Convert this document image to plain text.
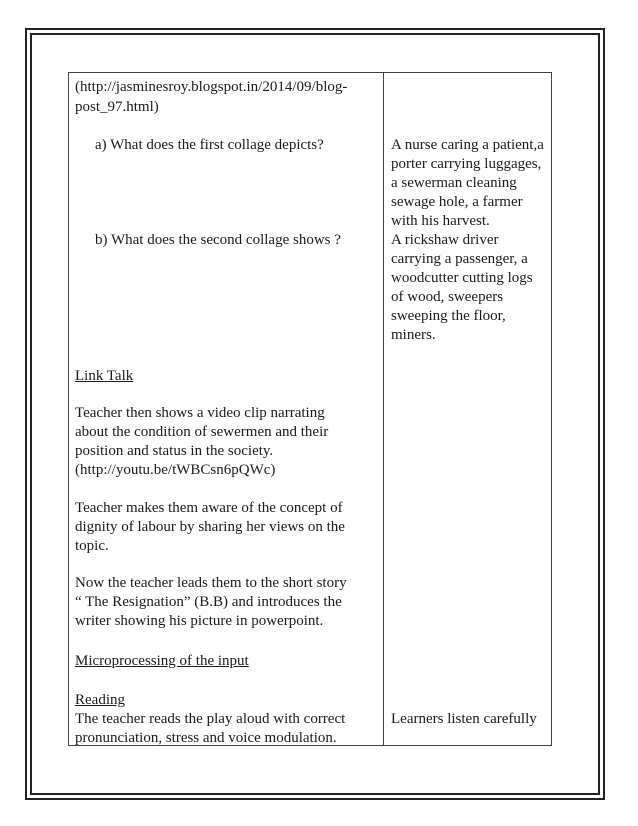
(http://jasminesroy.blogspot.in/2014/09/blog-
post_97.html)
a) What does the first collage depicts?
b) What does the second collage shows ?
Link Talk
Teacher then shows a video clip narrating
about the condition of sewermen and their
position and status in the society.
(http://youtu.be/tWBCsn6pQWc)
Teacher makes them aware of the concept of
dignity of labour by sharing her views on the
topic.
Now the teacher leads them to the short story
“ The Resignation” (B.B) and introduces the
writer showing his picture in powerpoint.
Microprocessing of the input
Reading
The teacher reads the play aloud with correct
pronunciation, stress and voice modulation.
A nurse caring a patient,a
porter carrying luggages,
a sewerman cleaning
sewage hole, a farmer
with his harvest.
A rickshaw driver
carrying a passenger, a
woodcutter cutting logs
of wood, sweepers
sweeping the floor,
miners.
Learners listen carefully
